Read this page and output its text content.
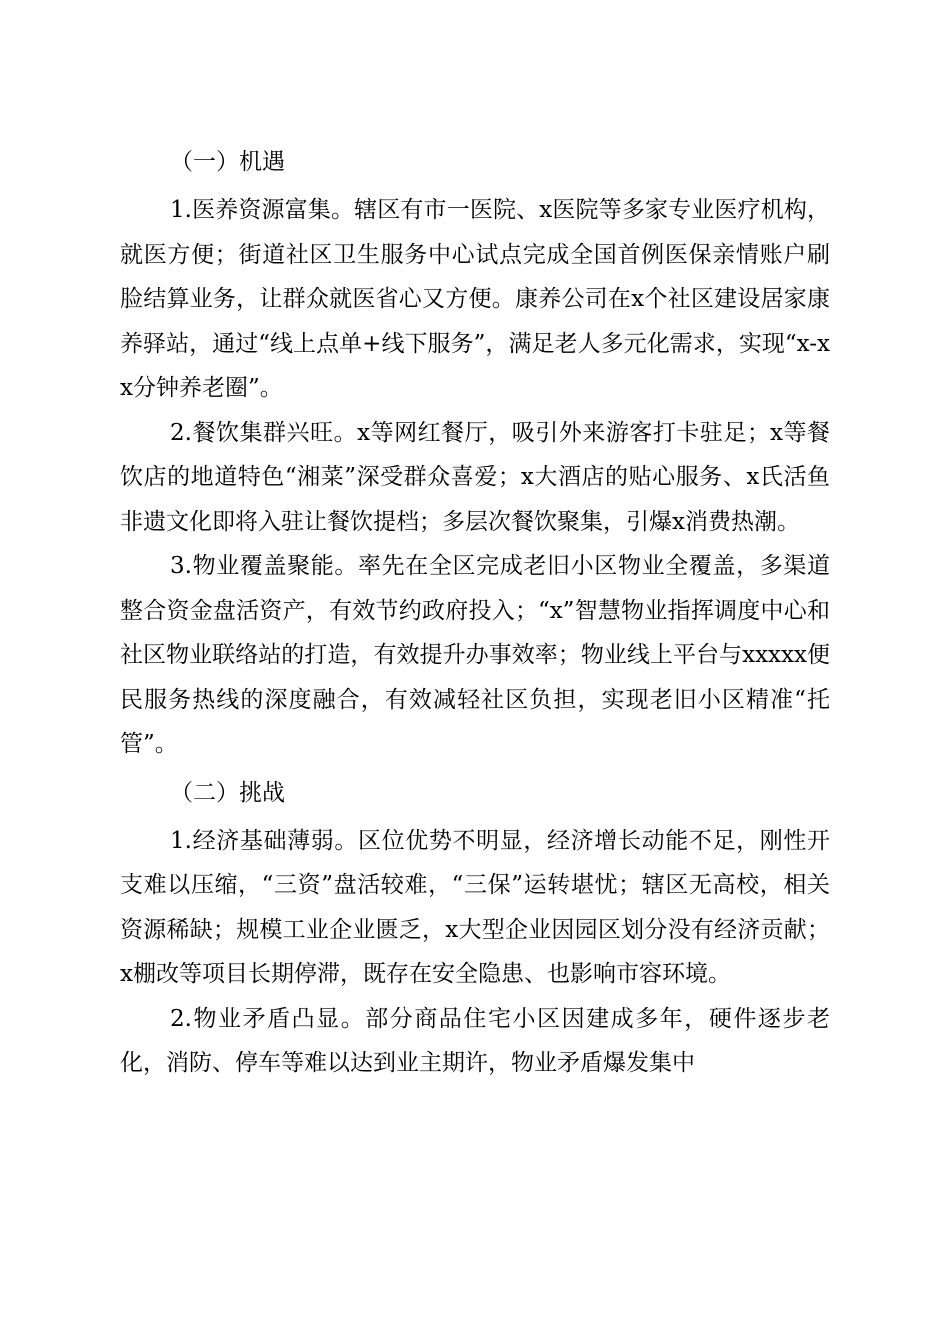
（一）机遇

1.医养资源富集。辖区有市一医院、x医院等多家专业医疗机构，就医方便；街道社区卫生服务中心试点完成全国首例医保亲情账户刷脸结算业务，让群众就医省心又方便。康养公司在x个社区建设居家康养驿站，通过“线上点单+线下服务”，满足老人多元化需求，实现“x-xx分钟养老圈”。

2.餐饮集群兴旺。x等网红餐厅，吸引外来游客打卡驻足；x等餐饮店的地道特色“湘菜”深受群众喜爱；x大酒店的贴心服务、x氏活鱼非遗文化即将入驻让餐饮提档；多层次餐饮聚集，引爆x消费热潮。

3.物业覆盖聚能。率先在全区完成老旧小区物业全覆盖，多渠道整合资金盘活资产，有效节约政府投入；“x”智慧物业指挥调度中心和社区物业联络站的打造，有效提升办事效率；物业线上平台与xxxxx便民服务热线的深度融合，有效减轻社区负担，实现老旧小区精准“托管”。

（二）挑战

1.经济基础薄弱。区位优势不明显，经济增长动能不足，刚性开支难以压缩，“三资”盘活较难，“三保”运转堪忧；辖区无高校，相关资源稀缺；规模工业企业匮乏，x大型企业因园区划分没有经济贡献；x棚改等项目长期停滞，既存在安全隐患、也影响市容环境。

2.物业矛盾凸显。部分商品住宅小区因建成多年，硬件逐步老化，消防、停车等难以达到业主期许，物业矛盾爆发集中
